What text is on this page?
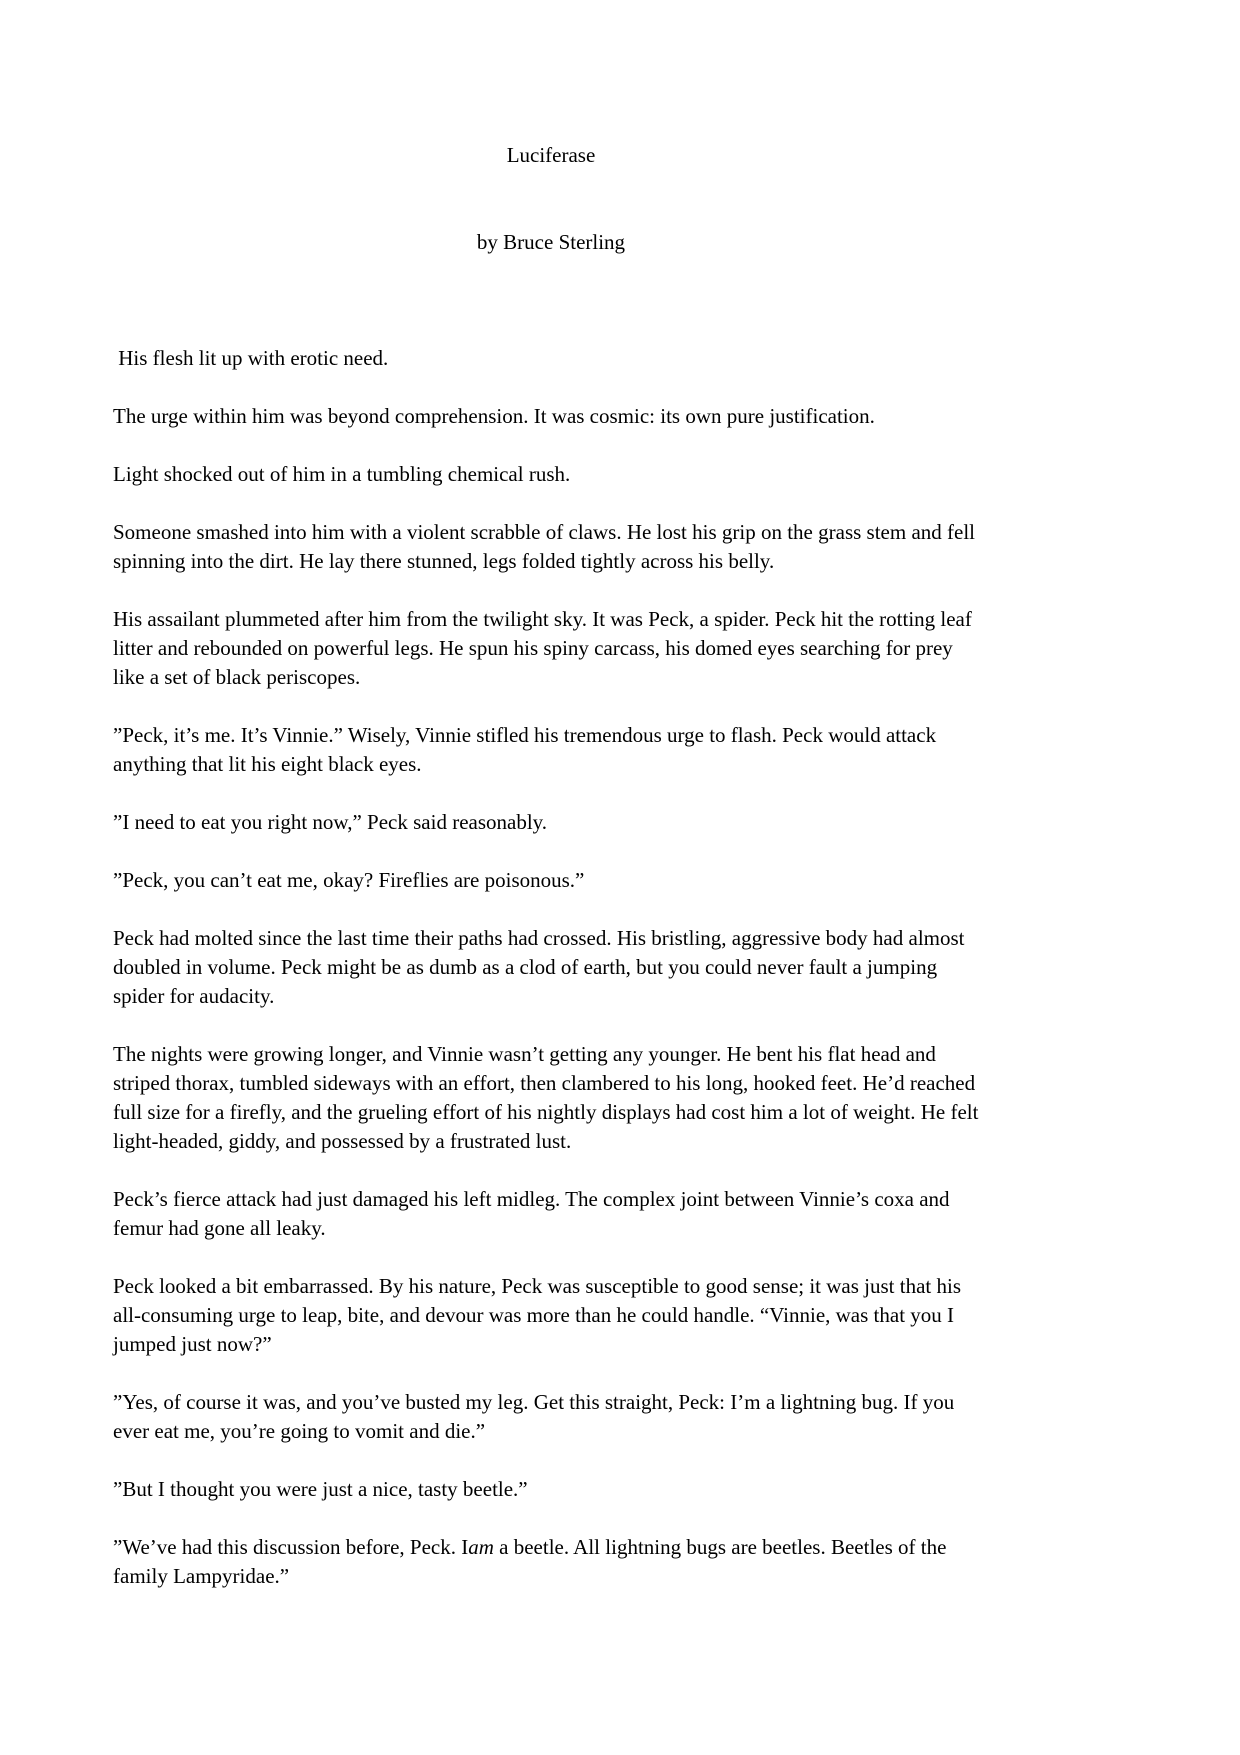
Luciferase
by Bruce Sterling

His flesh lit up with erotic need.

The urge within him was beyond comprehension. It was cosmic: its own pure justification.

Light shocked out of him in a tumbling chemical rush.

Someone smashed into him with a violent scrabble of claws. He lost his grip on the grass stem and fell spinning into the dirt. He lay there stunned, legs folded tightly across his belly.

His assailant plummeted after him from the twilight sky. It was Peck, a spider. Peck hit the rotting leaf litter and rebounded on powerful legs. He spun his spiny carcass, his domed eyes searching for prey like a set of black periscopes.

”Peck, it’s me. It’s Vinnie.” Wisely, Vinnie stifled his tremendous urge to flash. Peck would attack anything that lit his eight black eyes.

”I need to eat you right now,” Peck said reasonably.

”Peck, you can’t eat me, okay? Fireflies are poisonous.”

Peck had molted since the last time their paths had crossed. His bristling, aggressive body had almost doubled in volume. Peck might be as dumb as a clod of earth, but you could never fault a jumping spider for audacity.

The nights were growing longer, and Vinnie wasn’t getting any younger. He bent his flat head and striped thorax, tumbled sideways with an effort, then clambered to his long, hooked feet. He’d reached full size for a firefly, and the grueling effort of his nightly displays had cost him a lot of weight. He felt light-headed, giddy, and possessed by a frustrated lust.

Peck’s fierce attack had just damaged his left midleg. The complex joint between Vinnie’s coxa and femur had gone all leaky.

Peck looked a bit embarrassed. By his nature, Peck was susceptible to good sense; it was just that his all-consuming urge to leap, bite, and devour was more than he could handle. “Vinnie, was that you I jumped just now?”

”Yes, of course it was, and you’ve busted my leg. Get this straight, Peck: I’m a lightning bug. If you ever eat me, you’re going to vomit and die.”

”But I thought you were just a nice, tasty beetle.”

”We’ve had this discussion before, Peck. Iam a beetle. All lightning bugs are beetles. Beetles of the family Lampyridae.”
